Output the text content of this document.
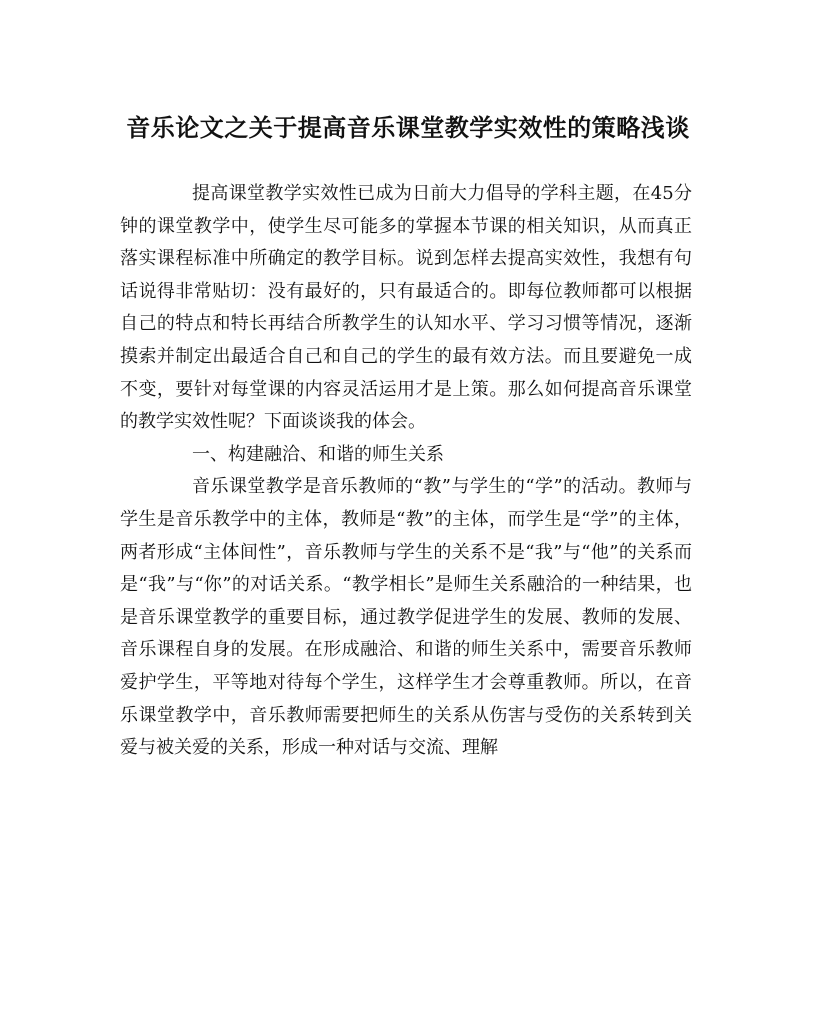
音乐论文之关于提高音乐课堂教学实效性的策略浅谈

提高课堂教学实效性已成为日前大力倡导的学科主题，在45分钟的课堂教学中，使学生尽可能多的掌握本节课的相关知识，从而真正落实课程标准中所确定的教学目标。说到怎样去提高实效性，我想有句话说得非常贴切：没有最好的，只有最适合的。即每位教师都可以根据自己的特点和特长再结合所教学生的认知水平、学习习惯等情况，逐渐摸索并制定出最适合自己和自己的学生的最有效方法。而且要避免一成不变，要针对每堂课的内容灵活运用才是上策。那么如何提高音乐课堂的教学实效性呢？下面谈谈我的体会。

一、构建融洽、和谐的师生关系

音乐课堂教学是音乐教师的“教”与学生的“学”的活动。教师与学生是音乐教学中的主体，教师是“教”的主体，而学生是“学”的主体，两者形成“主体间性”，音乐教师与学生的关系不是“我”与“他”的关系而是“我”与“你”的对话关系。“教学相长”是师生关系融洽的一种结果，也是音乐课堂教学的重要目标，通过教学促进学生的发展、教师的发展、音乐课程自身的发展。在形成融洽、和谐的师生关系中，需要音乐教师爱护学生，平等地对待每个学生，这样学生才会尊重教师。所以，在音乐课堂教学中，音乐教师需要把师生的关系从伤害与受伤的关系转到关爱与被关爱的关系，形成一种对话与交流、理解
